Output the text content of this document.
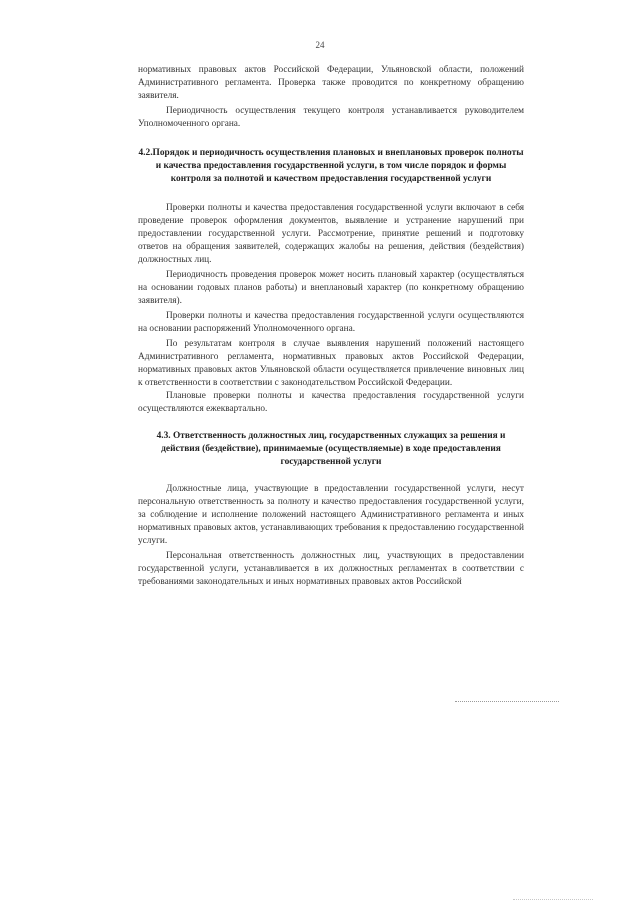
24

нормативных правовых актов Российской Федерации, Ульяновской области, положений Административного регламента. Проверка также проводится по конкретному обращению заявителя.

Периодичность осуществления текущего контроля устанавливается руководителем Уполномоченного органа.

4.2.Порядок и периодичность осуществления плановых и внеплановых проверок полноты и качества предоставления государственной услуги, в том числе порядок и формы контроля за полнотой и качеством предоставления государственной услуги

Проверки полноты и качества предоставления государственной услуги включают в себя проведение проверок оформления документов, выявление и устранение нарушений при предоставлении государственной услуги. Рассмотрение, принятие решений и подготовку ответов на обращения заявителей, содержащих жалобы на решения, действия (бездействия) должностных лиц.

Периодичность проведения проверок может носить плановый характер (осуществляться на основании годовых планов работы) и внеплановый характер (по конкретному обращению заявителя).

Проверки полноты и качества предоставления государственной услуги осуществляются на основании распоряжений Уполномоченного органа.

По результатам контроля в случае выявления нарушений положений настоящего Административного регламента, нормативных правовых актов Российской Федерации, нормативных правовых актов Ульяновской области осуществляется привлечение виновных лиц к ответственности в соответствии с законодательством Российской Федерации.

Плановые проверки полноты и качества предоставления государственной услуги осуществляются ежеквартально.

4.3. Ответственность должностных лиц, государственных служащих за решения и действия (бездействие), принимаемые (осуществляемые) в ходе предоставления государственной услуги

Должностные лица, участвующие в предоставлении государственной услуги, несут персональную ответственность за полноту и качество предоставления государственной услуги, за соблюдение и исполнение положений настоящего Административного регламента и иных нормативных правовых актов, устанавливающих требования к предоставлению государственной услуги.

Персональная ответственность должностных лиц, участвующих в предоставлении государственной услуги, устанавливается в их должностных регламентах в соответствии с требованиями законодательных и иных нормативных правовых актов Российской
